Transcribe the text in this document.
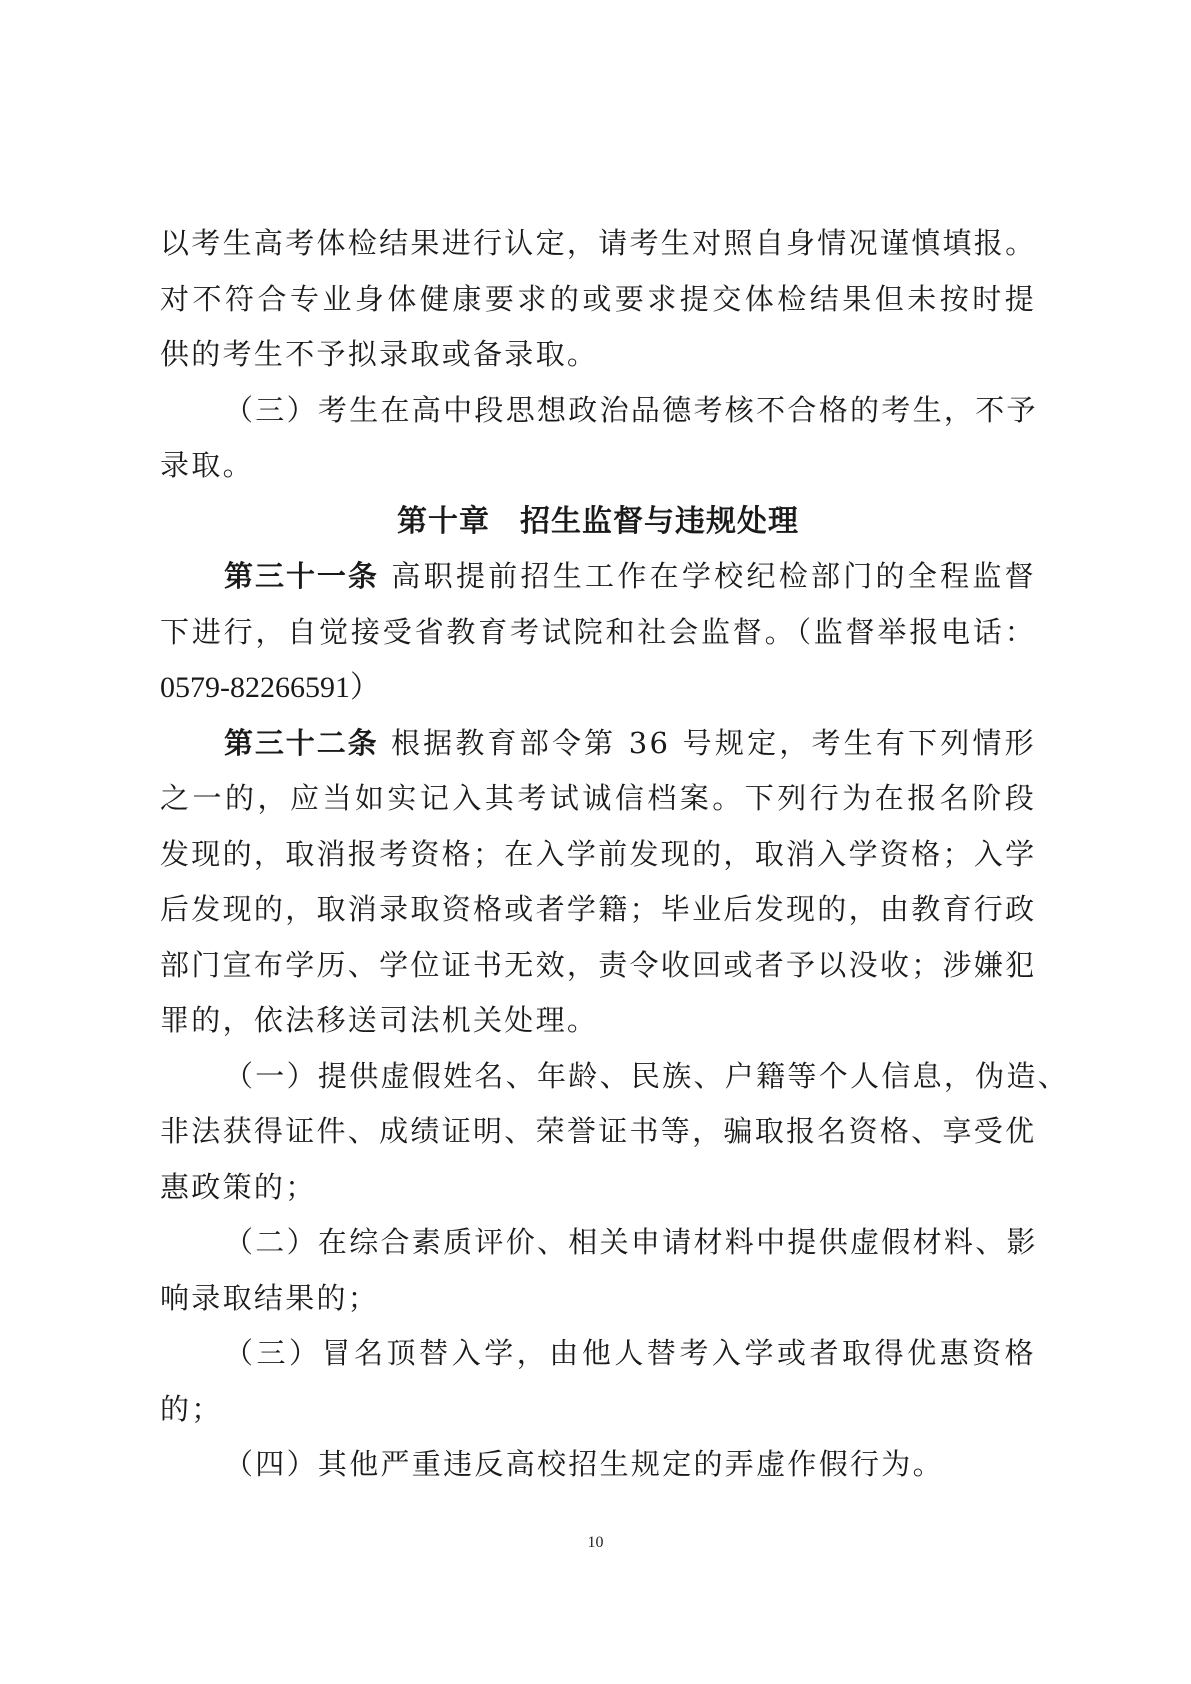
以考生高考体检结果进行认定，请考生对照自身情况谨慎填报。
对不符合专业身体健康要求的或要求提交体检结果但未按时提
供的考生不予拟录取或备录取。
（三）考生在高中段思想政治品德考核不合格的考生，不予
录取。
第十章 招生监督与违规处理
第三十一条 高职提前招生工作在学校纪检部门的全程监督
下进行，自觉接受省教育考试院和社会监督。（监督举报电话：
0579-82266591）
第三十二条 根据教育部令第 36 号规定，考生有下列情形
之一的，应当如实记入其考试诚信档案。下列行为在报名阶段
发现的，取消报考资格；在入学前发现的，取消入学资格；入学
后发现的，取消录取资格或者学籍；毕业后发现的，由教育行政
部门宣布学历、学位证书无效，责令收回或者予以没收；涉嫌犯
罪的，依法移送司法机关处理。
（一）提供虚假姓名、年龄、民族、户籍等个人信息，伪造、
非法获得证件、成绩证明、荣誉证书等，骗取报名资格、享受优
惠政策的；
（二）在综合素质评价、相关申请材料中提供虚假材料、影
响录取结果的；
（三）冒名顶替入学，由他人替考入学或者取得优惠资格
的；
（四）其他严重违反高校招生规定的弄虚作假行为。
10
